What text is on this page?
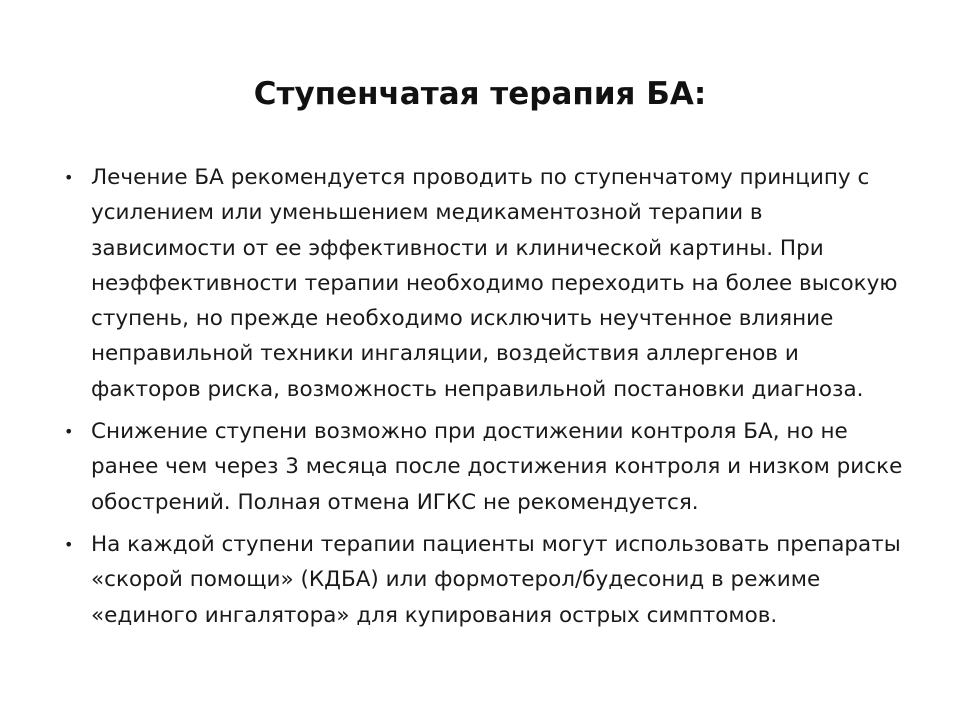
Ступенчатая терапия БА:
• Лечение БА рекомендуется проводить по ступенчатому принципу с усилением или уменьшением медикаментозной терапии в зависимости от ее эффективности и клинической картины. При неэффективности терапии необходимо переходить на более высокую ступень, но прежде необходимо исключить неучтенное влияние неправильной техники ингаляции, воздействия аллергенов и факторов риска, возможность неправильной постановки диагноза.
• Снижение ступени возможно при достижении контроля БА, но не ранее чем через 3 месяца после достижения контроля и низком риске обострений. Полная отмена ИГКС не рекомендуется.
• На каждой ступени терапии пациенты могут использовать препараты «скорой помощи» (КДБА) или формотерол/будесонид в режиме «единого ингалятора» для купирования острых симптомов.
